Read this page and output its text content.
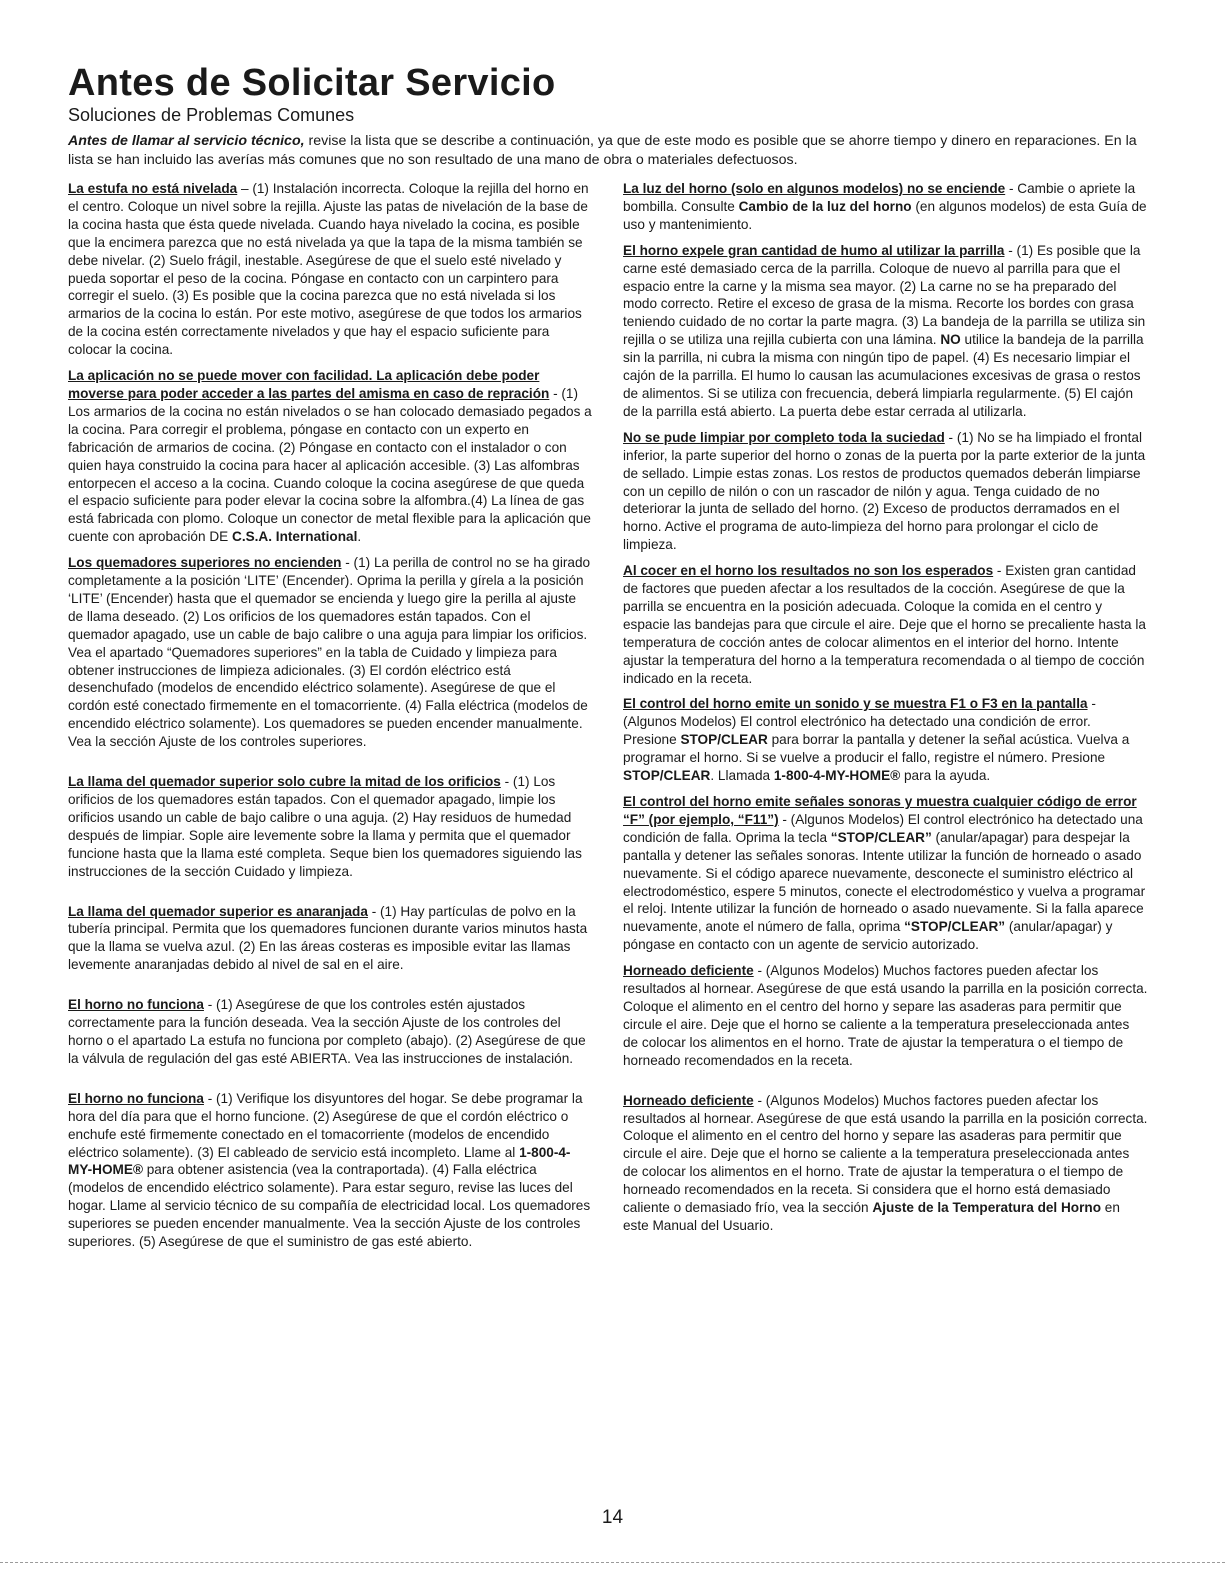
Antes de Solicitar Servicio
Soluciones de Problemas Comunes

Antes de llamar al servicio técnico, revise la lista que se describe a continuación, ya que de este modo es posible que se ahorre tiempo y dinero en reparaciones. En la lista se han incluido las averías más comunes que no son resultado de una mano de obra o materiales defectuosos.

La estufa no está nivelada – (1) Instalación incorrecta. Coloque la rejilla del horno en el centro. Coloque un nivel sobre la rejilla. Ajuste las patas de nivelación de la base de la cocina hasta que ésta quede nivelada. Cuando haya nivelado la cocina, es posible que la encimera parezca que no está nivelada ya que la tapa de la misma también se debe nivelar. (2) Suelo frágil, inestable. Asegúrese de que el suelo esté nivelado y pueda soportar el peso de la cocina. Póngase en contacto con un carpintero para corregir el suelo. (3) Es posible que la cocina parezca que no está nivelada si los armarios de la cocina lo están. Por este motivo, asegúrese de que todos los armarios de la cocina estén correctamente nivelados y que hay el espacio suficiente para colocar la cocina.

La aplicación no se puede mover con facilidad. La aplicación debe poder moverse para poder acceder a las partes del amisma en caso de repración - (1) Los armarios de la cocina no están nivelados o se han colocado demasiado pegados a la cocina. Para corregir el problema, póngase en contacto con un experto en fabricación de armarios de cocina. (2) Póngase en contacto con el instalador o con quien haya construido la cocina para hacer al aplicación accesible. (3) Las alfombras entorpecen el acceso a la cocina. Cuando coloque la cocina asegúrese de que queda el espacio suficiente para poder elevar la cocina sobre la alfombra.(4) La línea de gas está fabricada con plomo. Coloque un conector de metal flexible para la aplicación que cuente con aprobación DE C.S.A. International.

Los quemadores superiores no encienden - (1) La perilla de control no se ha girado completamente a la posición ‘LITE’ (Encender). Oprima la perilla y gírela a la posición ‘LITE’ (Encender) hasta que el quemador se encienda y luego gire la perilla al ajuste de llama deseado. (2) Los orificios de los quemadores están tapados. Con el quemador apagado, use un cable de bajo calibre o una aguja para limpiar los orificios. Vea el apartado “Quemadores superiores” en la tabla de Cuidado y limpieza para obtener instrucciones de limpieza adicionales. (3) El cordón eléctrico está desenchufado (modelos de encendido eléctrico solamente). Asegúrese de que el cordón esté conectado firmemente en el tomacorriente. (4) Falla eléctrica (modelos de encendido eléctrico solamente). Los quemadores se pueden encender manualmente. Vea la sección Ajuste de los controles superiores.

La llama del quemador superior solo cubre la mitad de los orificios - (1) Los orificios de los quemadores están tapados. Con el quemador apagado, limpie los orificios usando un cable de bajo calibre o una aguja. (2) Hay residuos de humedad después de limpiar. Sople aire levemente sobre la llama y permita que el quemador funcione hasta que la llama esté completa. Seque bien los quemadores siguiendo las instrucciones de la sección Cuidado y limpieza.

La llama del quemador superior es anaranjada - (1) Hay partículas de polvo en la tubería principal. Permita que los quemadores funcionen durante varios minutos hasta que la llama se vuelva azul. (2) En las áreas costeras es imposible evitar las llamas levemente anaranjadas debido al nivel de sal en el aire.

El horno no funciona - (1) Asegúrese de que los controles estén ajustados correctamente para la función deseada. Vea la sección Ajuste de los controles del horno o el apartado La estufa no funciona por completo (abajo). (2) Asegúrese de que la válvula de regulación del gas esté ABIERTA. Vea las instrucciones de instalación.

El horno no funciona - (1) Verifique los disyuntores del hogar. Se debe programar la hora del día para que el horno funcione. (2) Asegúrese de que el cordón eléctrico o enchufe esté firmemente conectado en el tomacorriente (modelos de encendido eléctrico solamente). (3) El cableado de servicio está incompleto. Llame al 1-800-4-MY-HOME® para obtener asistencia (vea la contraportada). (4) Falla eléctrica (modelos de encendido eléctrico solamente). Para estar seguro, revise las luces del hogar. Llame al servicio técnico de su compañía de electricidad local. Los quemadores superiores se pueden encender manualmente. Vea la sección Ajuste de los controles superiores. (5) Asegúrese de que el suministro de gas esté abierto.

La luz del horno (solo en algunos modelos) no se enciende - Cambie o apriete la bombilla. Consulte Cambio de la luz del horno (en algunos modelos) de esta Guía de uso y mantenimiento.

El horno expele gran cantidad de humo al utilizar la parrilla - (1) Es posible que la carne esté demasiado cerca de la parrilla. Coloque de nuevo al parrilla para que el espacio entre la carne y la misma sea mayor. (2) La carne no se ha preparado del modo correcto. Retire el exceso de grasa de la misma. Recorte los bordes con grasa teniendo cuidado de no cortar la parte magra. (3) La bandeja de la parrilla se utiliza sin rejilla o se utiliza una rejilla cubierta con una lámina. NO utilice la bandeja de la parrilla sin la parrilla, ni cubra la misma con ningún tipo de papel. (4) Es necesario limpiar el cajón de la parrilla. El humo lo causan las acumulaciones excesivas de grasa o restos de alimentos. Si se utiliza con frecuencia, deberá limpiarla regularmente. (5) El cajón de la parrilla está abierto. La puerta debe estar cerrada al utilizarla.

No se pude limpiar por completo toda la suciedad - (1) No se ha limpiado el frontal inferior, la parte superior del horno o zonas de la puerta por la parte exterior de la junta de sellado. Limpie estas zonas. Los restos de productos quemados deberán limpiarse con un cepillo de nilón o con un rascador de nilón y agua. Tenga cuidado de no deteriorar la junta de sellado del horno. (2) Exceso de productos derramados en el horno. Active el programa de auto-limpieza del horno para prolongar el ciclo de limpieza.

Al cocer en el horno los resultados no son los esperados - Existen gran cantidad de factores que pueden afectar a los resultados de la cocción. Asegúrese de que la parrilla se encuentra en la posición adecuada. Coloque la comida en el centro y espacie las bandejas para que circule el aire. Deje que el horno se precaliente hasta la temperatura de cocción antes de colocar alimentos en el interior del horno. Intente ajustar la temperatura del horno a la temperatura recomendada o al tiempo de cocción indicado en la receta.

El control del horno emite un sonido y se muestra F1 o F3 en la pantalla - (Algunos Modelos) El control electrónico ha detectado una condición de error. Presione STOP/CLEAR para borrar la pantalla y detener la señal acústica. Vuelva a programar el horno. Si se vuelve a producir el fallo, registre el número. Presione STOP/CLEAR. Llamada 1-800-4-MY-HOME® para la ayuda.

El control del horno emite señales sonoras y muestra cualquier código de error “F” (por ejemplo, “F11”) - (Algunos Modelos) El control electrónico ha detectado una condición de falla. Oprima la tecla “STOP/CLEAR” (anular/apagar) para despejar la pantalla y detener las señales sonoras. Intente utilizar la función de horneado o asado nuevamente. Si el código aparece nuevamente, desconecte el suministro eléctrico al electrodoméstico, espere 5 minutos, conecte el electrodoméstico y vuelva a programar el reloj. Intente utilizar la función de horneado o asado nuevamente. Si la falla aparece nuevamente, anote el número de falla, oprima “STOP/CLEAR” (anular/apagar) y póngase en contacto con un agente de servicio autorizado.

Horneado deficiente - (Algunos Modelos) Muchos factores pueden afectar los resultados al hornear. Asegúrese de que está usando la parrilla en la posición correcta. Coloque el alimento en el centro del horno y separe las asaderas para permitir que circule el aire. Deje que el horno se caliente a la temperatura preseleccionada antes de colocar los alimentos en el horno. Trate de ajustar la temperatura o el tiempo de horneado recomendados en la receta.

Horneado deficiente - (Algunos Modelos) Muchos factores pueden afectar los resultados al hornear. Asegúrese de que está usando la parrilla en la posición correcta. Coloque el alimento en el centro del horno y separe las asaderas para permitir que circule el aire. Deje que el horno se caliente a la temperatura preseleccionada antes de colocar los alimentos en el horno. Trate de ajustar la temperatura o el tiempo de horneado recomendados en la receta. Si considera que el horno está demasiado caliente o demasiado frío, vea la sección Ajuste de la Temperatura del Horno en este Manual del Usuario.

14
